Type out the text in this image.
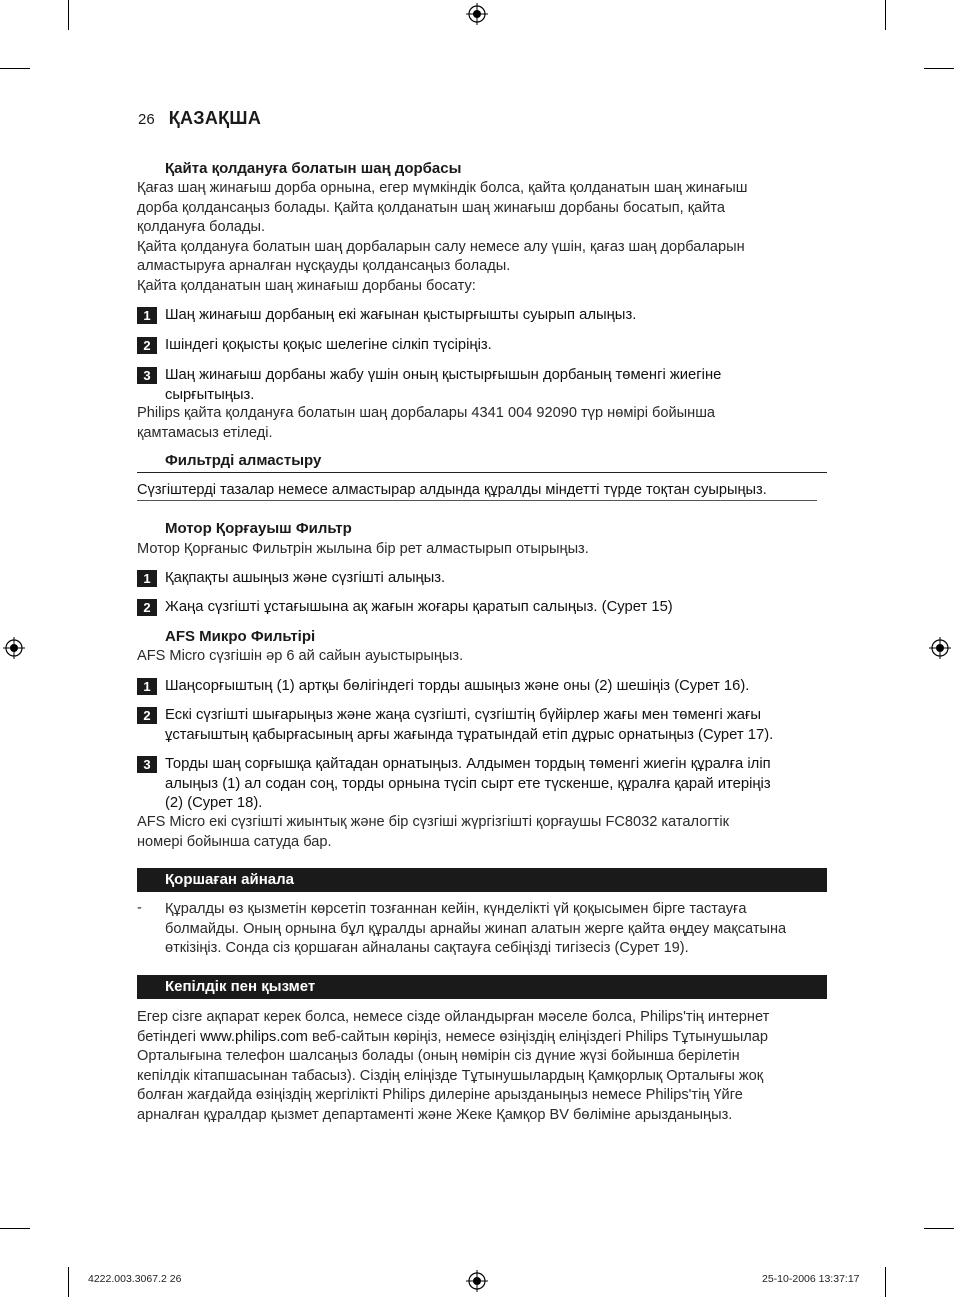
26 ҚАЗАҚША
Қайта қолдануға болатын шаң дорбасы
Қағаз шаң жинағыш дорба орнына, егер мүмкіндік болса, қайта қолданатын шаң жинағыш
дорба қолдансаңыз болады. Қайта қолданатын шаң жинағыш дорбаны босатып, қайта
қолдануға болады.
Қайта қолдануға болатын шаң дорбаларын салу немесе алу үшін, қағаз шаң дорбаларын
алмастыруға арналған нұсқауды қолдансаңыз болады.
Қайта қолданатын шаң жинағыш дорбаны босату:
1 Шаң жинағыш дорбаның екі жағынан қыстырғышты суырып алыңыз.
2 Ішіндегі қоқысты қоқыс шелегіне сілкіп түсіріңіз.
3 Шаң жинағыш дорбаны жабу үшін оның қыстырғышын дорбаның төменгі жиегіне
сырғытыңыз.
Philips қайта қолдануға болатын шаң дорбалары 4341 004 92090 түр нөмірі бойынша
қамтамасыз етіледі.
Фильтрді алмастыру
Сүзгіштерді тазалар немесе алмастырар алдында құралды міндетті түрде тоқтан суырыңыз.
Мотор Қорғауыш Фильтр
Мотор Қорғаныс Фильтрін жылына бір рет алмастырып отырыңыз.
1 Қақпақты ашыңыз және сүзгішті алыңыз.
2 Жаңа сүзгішті ұстағышына ақ жағын жоғары қаратып салыңыз. (Сурет 15)
AFS Микро Фильтірі
AFS Micro сүзгішін әр 6 ай сайын ауыстырыңыз.
1 Шаңсорғыштың (1) артқы бөлігіндегі торды ашыңыз және оны (2) шешіңіз (Сурет 16).
2 Ескі сүзгішті шығарыңыз және жаңа сүзгішті, сүзгіштің бүйірлер жағы мен төменгі жағы
ұстағыштың қабырғасының арғы жағында тұратындай етіп дұрыс орнатыңыз (Сурет 17).
3 Торды шаң сорғышқа қайтадан орнатыңыз. Алдымен тордың төменгі жиегін құралға іліп
алыңыз (1) ал содан соң, торды орнына түсіп сырт ете түскенше, құралға қарай итеріңіз
(2) (Сурет 18).
AFS Micro екі сүзгішті жиынтық және бір сүзгіші жүргізгішті қорғаушы FC8032 каталогтік
номері бойынша сатуда бар.
Қоршаған айнала
-	Құралды өз қызметін көрсетіп тозғаннан кейін, күнделікті үй қоқысымен бірге тастауға
болмайды. Оның орнына бұл құралды арнайы жинап алатын жерге қайта өңдеу мақсатына
өткізіңіз. Сонда сіз қоршаған айналаны сақтауға себіңізді тигізесіз (Сурет 19).
Кепілдік пен қызмет
Егер сізге ақпарат керек болса, немесе сізде ойландырған мәселе болса, Philips'тің интернет
бетіндегі www.philips.com веб-сайтын көріңіз, немесе өзіңіздің еліңіздегі Philips Тұтынушылар
Орталығына телефон шалсаңыз болады (оның нөмірін сіз дүние жүзі бойынша берілетін
кепілдік кітапшасынан табасыз). Сіздің еліңізде Тұтынушылардың Қамқорлық Орталығы жоқ
болған жағдайда өзіңіздің жергілікті Philips дилеріне арызданыңыз немесе Philips'тің Үйге
арналған құралдар қызмет департаменті және Жеке Қамқор BV бөліміне арызданыңыз.
4222.003.3067.2 26	25-10-2006 13:37:17
